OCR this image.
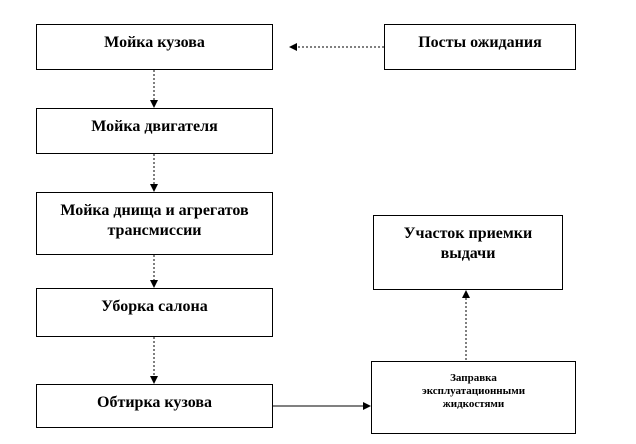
Мойка кузова	Посты ожидания
Мойка двигателя
Мойка днища и агрегатов трансмиссии	Участок приемки выдачи
Уборка салона
Обтирка кузова
Заправка эксплуатационными жидкостями
